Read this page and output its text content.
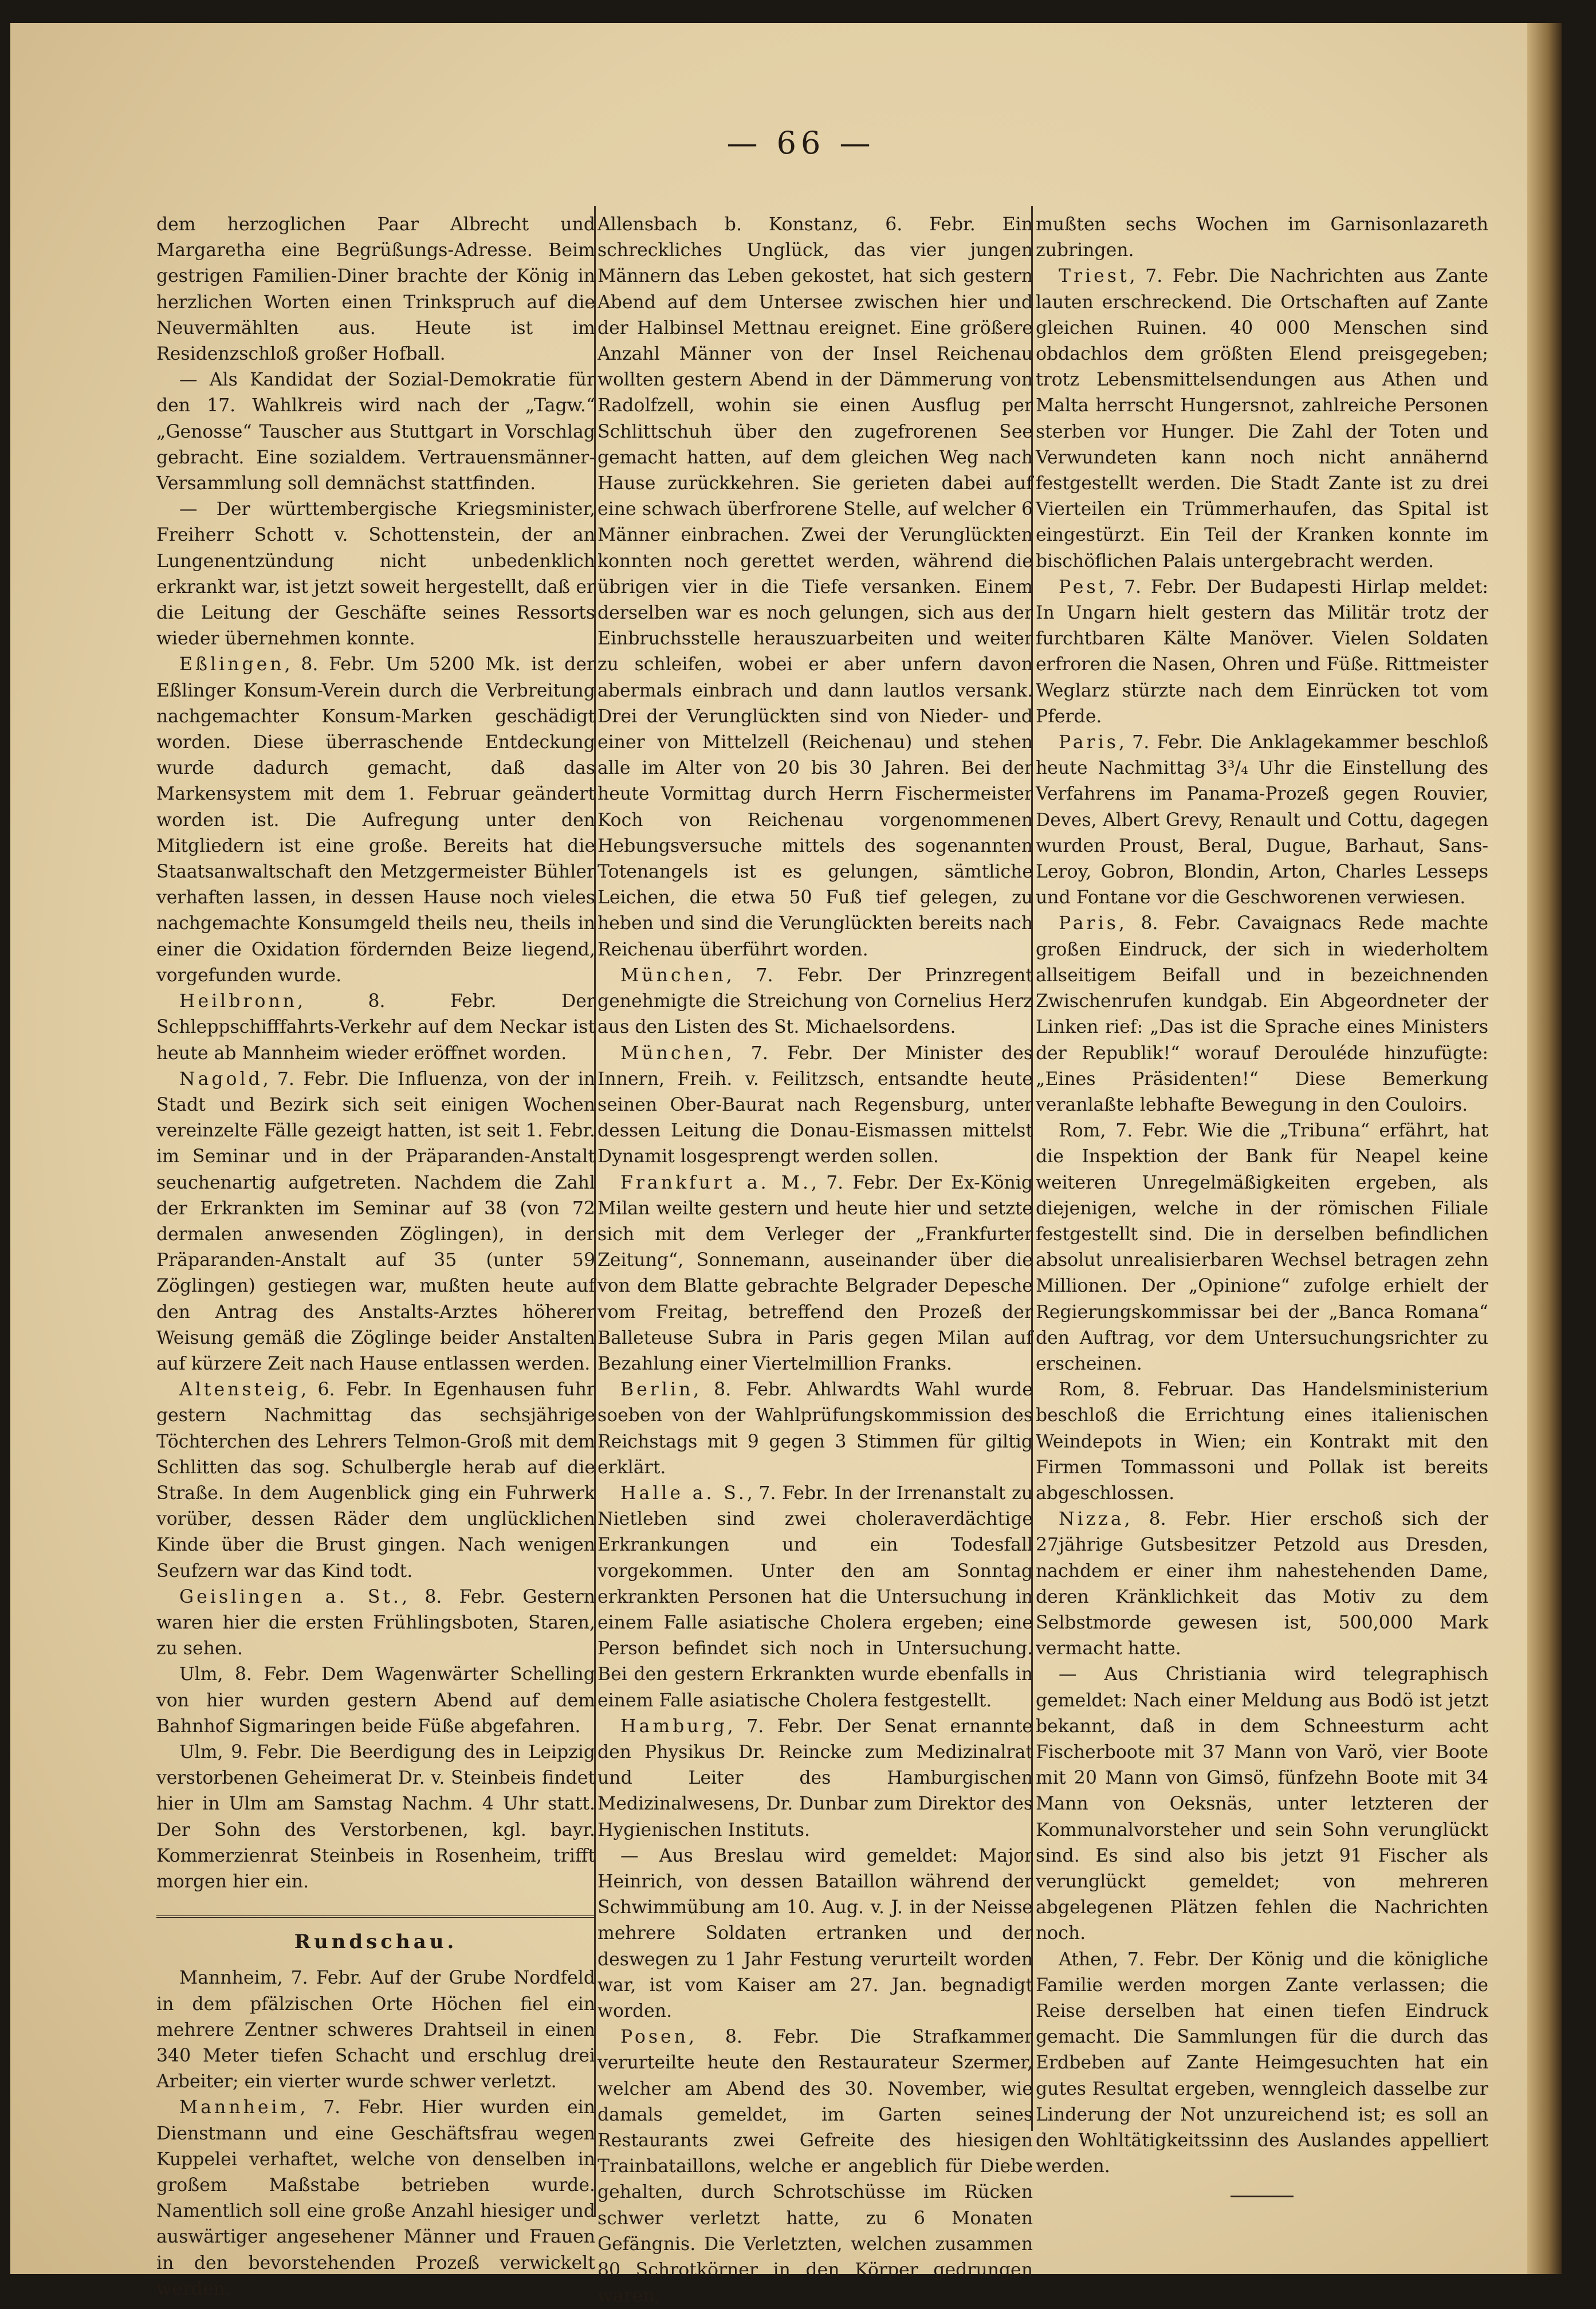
— 66 —

dem herzoglichen Paar Albrecht und Margaretha eine Begrüßungs-Adresse. Beim gestrigen Familien-Diner brachte der König in herzlichen Worten einen Trinkspruch auf die Neuvermählten aus. Heute ist im Residenzschloß großer Hofball.

— Als Kandidat der Sozial-Demokratie für den 17. Wahlkreis wird nach der „Tagw.“ „Genosse“ Tauscher aus Stuttgart in Vorschlag gebracht. Eine sozialdem. Vertrauensmänner-Versammlung soll demnächst stattfinden.

— Der württembergische Kriegsminister, Freiherr Schott v. Schottenstein, der an Lungenentzündung nicht unbedenklich erkrankt war, ist jetzt soweit hergestellt, daß er die Leitung der Geschäfte seines Ressorts wieder übernehmen konnte.

Eßlingen, 8. Febr. Um 5200 Mk. ist der Eßlinger Konsum-Verein durch die Verbreitung nachgemachter Konsum-Marken geschädigt worden. Diese überraschende Entdeckung wurde dadurch gemacht, daß das Markensystem mit dem 1. Februar geändert worden ist. Die Aufregung unter den Mitgliedern ist eine große. Bereits hat die Staatsanwaltschaft den Metzgermeister Bühler verhaften lassen, in dessen Hause noch vieles nachgemachte Konsumgeld theils neu, theils in einer die Oxidation fördernden Beize liegend, vorgefunden wurde.

Heilbronn, 8. Febr. Der Schleppschifffahrts-Verkehr auf dem Neckar ist heute ab Mannheim wieder eröffnet worden.

Nagold, 7. Febr. Die Influenza, von der in Stadt und Bezirk sich seit einigen Wochen vereinzelte Fälle gezeigt hatten, ist seit 1. Febr. im Seminar und in der Präparanden-Anstalt seuchenartig aufgetreten. Nachdem die Zahl der Erkrankten im Seminar auf 38 (von 72 dermalen anwesenden Zöglingen), in der Präparanden-Anstalt auf 35 (unter 59 Zöglingen) gestiegen war, mußten heute auf den Antrag des Anstalts-Arztes höherer Weisung gemäß die Zöglinge beider Anstalten auf kürzere Zeit nach Hause entlassen werden.

Altensteig, 6. Febr. In Egenhausen fuhr gestern Nachmittag das sechsjährige Töchterchen des Lehrers Telmon-Groß mit dem Schlitten das sog. Schulbergle herab auf die Straße. In dem Augenblick ging ein Fuhrwerk vorüber, dessen Räder dem unglücklichen Kinde über die Brust gingen. Nach wenigen Seufzern war das Kind todt.

Geislingen a. St., 8. Febr. Gestern waren hier die ersten Frühlingsboten, Staren, zu sehen.

Ulm, 8. Febr. Dem Wagenwärter Schelling von hier wurden gestern Abend auf dem Bahnhof Sigmaringen beide Füße abgefahren.

Ulm, 9. Febr. Die Beerdigung des in Leipzig verstorbenen Geheimerat Dr. v. Steinbeis findet hier in Ulm am Samstag Nachm. 4 Uhr statt. Der Sohn des Verstorbenen, kgl. bayr. Kommerzienrat Steinbeis in Rosenheim, trifft morgen hier ein.

Rundschau.

Mannheim, 7. Febr. Auf der Grube Nordfeld in dem pfälzischen Orte Höchen fiel ein mehrere Zentner schweres Drahtseil in einen 340 Meter tiefen Schacht und erschlug drei Arbeiter; ein vierter wurde schwer verletzt.

Mannheim, 7. Febr. Hier wurden ein Dienstmann und eine Geschäftsfrau wegen Kuppelei verhaftet, welche von denselben in großem Maßstabe betrieben wurde. Namentlich soll eine große Anzahl hiesiger und auswärtiger angesehener Männer und Frauen in den bevorstehenden Prozeß verwickelt werden.

Allensbach b. Konstanz, 6. Febr. Ein schreckliches Unglück, das vier jungen Männern das Leben gekostet, hat sich gestern Abend auf dem Untersee zwischen hier und der Halbinsel Mettnau ereignet. Eine größere Anzahl Männer von der Insel Reichenau wollten gestern Abend in der Dämmerung von Radolfzell, wohin sie einen Ausflug per Schlittschuh über den zugefrorenen See gemacht hatten, auf dem gleichen Weg nach Hause zurückkehren. Sie gerieten dabei auf eine schwach überfrorene Stelle, auf welcher 6 Männer einbrachen. Zwei der Verunglückten konnten noch gerettet werden, während die übrigen vier in die Tiefe versanken. Einem derselben war es noch gelungen, sich aus der Einbruchsstelle herauszuarbeiten und weiter zu schleifen, wobei er aber unfern davon abermals einbrach und dann lautlos versank. Drei der Verunglückten sind von Nieder- und einer von Mittelzell (Reichenau) und stehen alle im Alter von 20 bis 30 Jahren. Bei der heute Vormittag durch Herrn Fischermeister Koch von Reichenau vorgenommenen Hebungsversuche mittels des sogenannten Totenangels ist es gelungen, sämtliche Leichen, die etwa 50 Fuß tief gelegen, zu heben und sind die Verunglückten bereits nach Reichenau überführt worden.

München, 7. Febr. Der Prinzregent genehmigte die Streichung von Cornelius Herz aus den Listen des St. Michaelsordens.

München, 7. Febr. Der Minister des Innern, Freih. v. Feilitzsch, entsandte heute seinen Ober-Baurat nach Regensburg, unter dessen Leitung die Donau-Eismassen mittelst Dynamit losgesprengt werden sollen.

Frankfurt a. M., 7. Febr. Der Ex-König Milan weilte gestern und heute hier und setzte sich mit dem Verleger der „Frankfurter Zeitung“, Sonnemann, auseinander über die von dem Blatte gebrachte Belgrader Depesche vom Freitag, betreffend den Prozeß der Balleteuse Subra in Paris gegen Milan auf Bezahlung einer Viertelmillion Franks.

Berlin, 8. Febr. Ahlwardts Wahl wurde soeben von der Wahlprüfungskommission des Reichstags mit 9 gegen 3 Stimmen für giltig erklärt.

Halle a. S., 7. Febr. In der Irrenanstalt zu Nietleben sind zwei choleraverdächtige Erkrankungen und ein Todesfall vorgekommen. Unter den am Sonntag erkrankten Personen hat die Untersuchung in einem Falle asiatische Cholera ergeben; eine Person befindet sich noch in Untersuchung. Bei den gestern Erkrankten wurde ebenfalls in einem Falle asiatische Cholera festgestellt.

Hamburg, 7. Febr. Der Senat ernannte den Physikus Dr. Reincke zum Medizinalrat und Leiter des Hamburgischen Medizinalwesens, Dr. Dunbar zum Direktor des Hygienischen Instituts.

— Aus Breslau wird gemeldet: Major Heinrich, von dessen Bataillon während der Schwimmübung am 10. Aug. v. J. in der Neisse mehrere Soldaten ertranken und der deswegen zu 1 Jahr Festung verurteilt worden war, ist vom Kaiser am 27. Jan. begnadigt worden.

Posen, 8. Febr. Die Strafkammer verurteilte heute den Restaurateur Szermer, welcher am Abend des 30. November, wie damals gemeldet, im Garten seines Restaurants zwei Gefreite des hiesigen Trainbataillons, welche er angeblich für Diebe gehalten, durch Schrotschüsse im Rücken schwer verletzt hatte, zu 6 Monaten Gefängnis. Die Verletzten, welchen zusammen 80 Schrotkörner in den Körper gedrungen waren,

mußten sechs Wochen im Garnisonlazareth zubringen.

Triest, 7. Febr. Die Nachrichten aus Zante lauten erschreckend. Die Ortschaften auf Zante gleichen Ruinen. 40 000 Menschen sind obdachlos dem größten Elend preisgegeben; trotz Lebensmittelsendungen aus Athen und Malta herrscht Hungersnot, zahlreiche Personen sterben vor Hunger. Die Zahl der Toten und Verwundeten kann noch nicht annähernd festgestellt werden. Die Stadt Zante ist zu drei Vierteilen ein Trümmerhaufen, das Spital ist eingestürzt. Ein Teil der Kranken konnte im bischöflichen Palais untergebracht werden.

Pest, 7. Febr. Der Budapesti Hirlap meldet: In Ungarn hielt gestern das Militär trotz der furchtbaren Kälte Manöver. Vielen Soldaten erfroren die Nasen, Ohren und Füße. Rittmeister Weglarz stürzte nach dem Einrücken tot vom Pferde.

Paris, 7. Febr. Die Anklagekammer beschloß heute Nachmittag 3³/₄ Uhr die Einstellung des Verfahrens im Panama-Prozeß gegen Rouvier, Deves, Albert Grevy, Renault und Cottu, dagegen wurden Proust, Beral, Dugue, Barhaut, Sans-Leroy, Gobron, Blondin, Arton, Charles Lesseps und Fontane vor die Geschworenen verwiesen.

Paris, 8. Febr. Cavaignacs Rede machte großen Eindruck, der sich in wiederholtem allseitigem Beifall und in bezeichnenden Zwischenrufen kundgab. Ein Abgeordneter der Linken rief: „Das ist die Sprache eines Ministers der Republik!“ worauf Derouléde hinzufügte: „Eines Präsidenten!“ Diese Bemerkung veranlaßte lebhafte Bewegung in den Couloirs.

Rom, 7. Febr. Wie die „Tribuna“ erfährt, hat die Inspektion der Bank für Neapel keine weiteren Unregelmäßigkeiten ergeben, als diejenigen, welche in der römischen Filiale festgestellt sind. Die in derselben befindlichen absolut unrealisierbaren Wechsel betragen zehn Millionen. Der „Opinione“ zufolge erhielt der Regierungskommissar bei der „Banca Romana“ den Auftrag, vor dem Untersuchungsrichter zu erscheinen.

Rom, 8. Februar. Das Handelsministerium beschloß die Errichtung eines italienischen Weindepots in Wien; ein Kontrakt mit den Firmen Tommassoni und Pollak ist bereits abgeschlossen.

Nizza, 8. Febr. Hier erschoß sich der 27jährige Gutsbesitzer Petzold aus Dresden, nachdem er einer ihm nahestehenden Dame, deren Kränklichkeit das Motiv zu dem Selbstmorde gewesen ist, 500,000 Mark vermacht hatte.

— Aus Christiania wird telegraphisch gemeldet: Nach einer Meldung aus Bodö ist jetzt bekannt, daß in dem Schneesturm acht Fischerboote mit 37 Mann von Varö, vier Boote mit 20 Mann von Gimsö, fünfzehn Boote mit 34 Mann von Oeksnäs, unter letzteren der Kommunalvorsteher und sein Sohn verunglückt sind. Es sind also bis jetzt 91 Fischer als verunglückt gemeldet; von mehreren abgelegenen Plätzen fehlen die Nachrichten noch.

Athen, 7. Febr. Der König und die königliche Familie werden morgen Zante verlassen; die Reise derselben hat einen tiefen Eindruck gemacht. Die Sammlungen für die durch das Erdbeben auf Zante Heimgesuchten hat ein gutes Resultat ergeben, wenngleich dasselbe zur Linderung der Not unzureichend ist; es soll an den Wohltätigkeitssinn des Auslandes appelliert werden.
